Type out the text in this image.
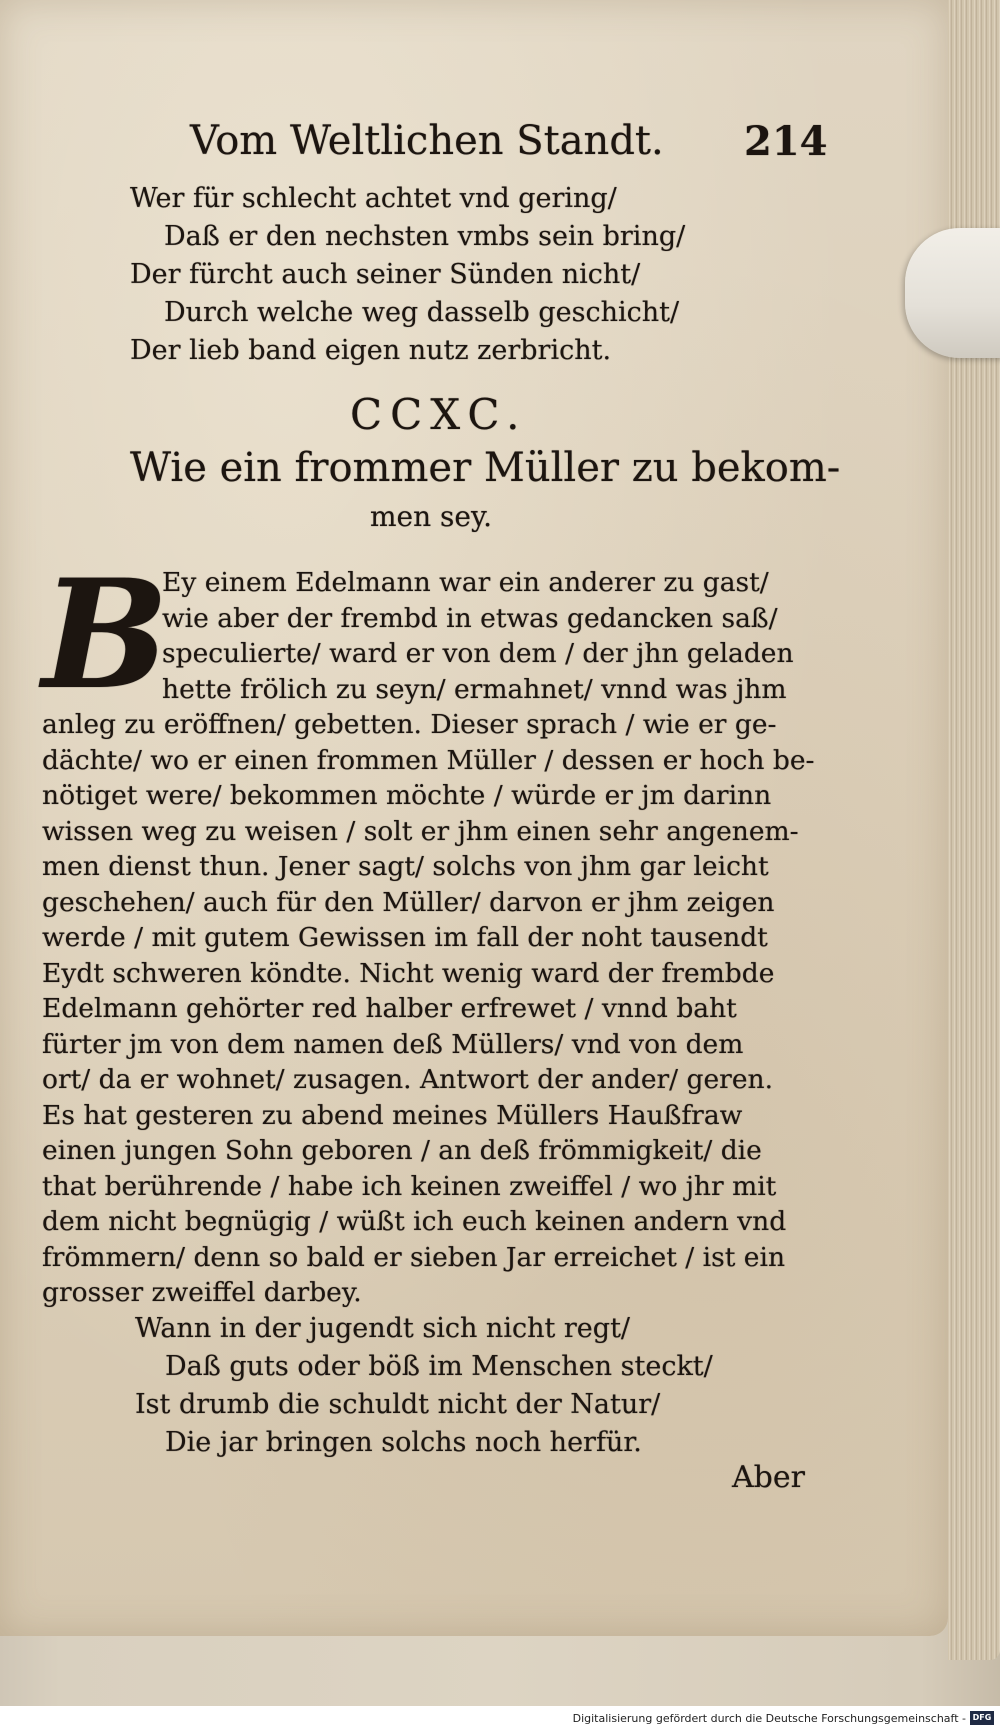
Vom Weltlichen Standt. 214
Wer für schlecht achtet vnd gering/
Daß er den nechsten vmbs sein bring/
Der fürcht auch seiner Sünden nicht/
Durch welche weg dasselb geschicht/
Der lieb band eigen nutz zerbricht.
CCXC.
Wie ein frommer Müller zu bekom-
men sey.
B
Ey einem Edelmann war ein anderer zu gast/
wie aber der frembd in etwas gedancken saß/
speculierte/ ward er von dem / der jhn geladen
hette frölich zu seyn/ ermahnet/ vnnd was jhm
anleg zu eröffnen/ gebetten. Dieser sprach / wie er ge-
dächte/ wo er einen frommen Müller / dessen er hoch be-
nötiget were/ bekommen möchte / würde er jm darinn
wissen weg zu weisen / solt er jhm einen sehr angenem-
men dienst thun. Jener sagt/ solchs von jhm gar leicht
geschehen/ auch für den Müller/ darvon er jhm zeigen
werde / mit gutem Gewissen im fall der noht tausendt
Eydt schweren köndte. Nicht wenig ward der frembde
Edelmann gehörter red halber erfrewet / vnnd baht
fürter jm von dem namen deß Müllers/ vnd von dem
ort/ da er wohnet/ zusagen. Antwort der ander/ geren.
Es hat gesteren zu abend meines Müllers Haußfraw
einen jungen Sohn geboren / an deß frömmigkeit/ die
that berührende / habe ich keinen zweiffel / wo jhr mit
dem nicht begnügig / wüßt ich euch keinen andern vnd
frömmern/ denn so bald er sieben Jar erreichet / ist ein
grosser zweiffel darbey.
Wann in der jugendt sich nicht regt/
Daß guts oder böß im Menschen steckt/
Ist drumb die schuldt nicht der Natur/
Die jar bringen solchs noch herfür.
Aber
Digitalisierung gefördert durch die Deutsche Forschungsgemeinschaft - DFG
